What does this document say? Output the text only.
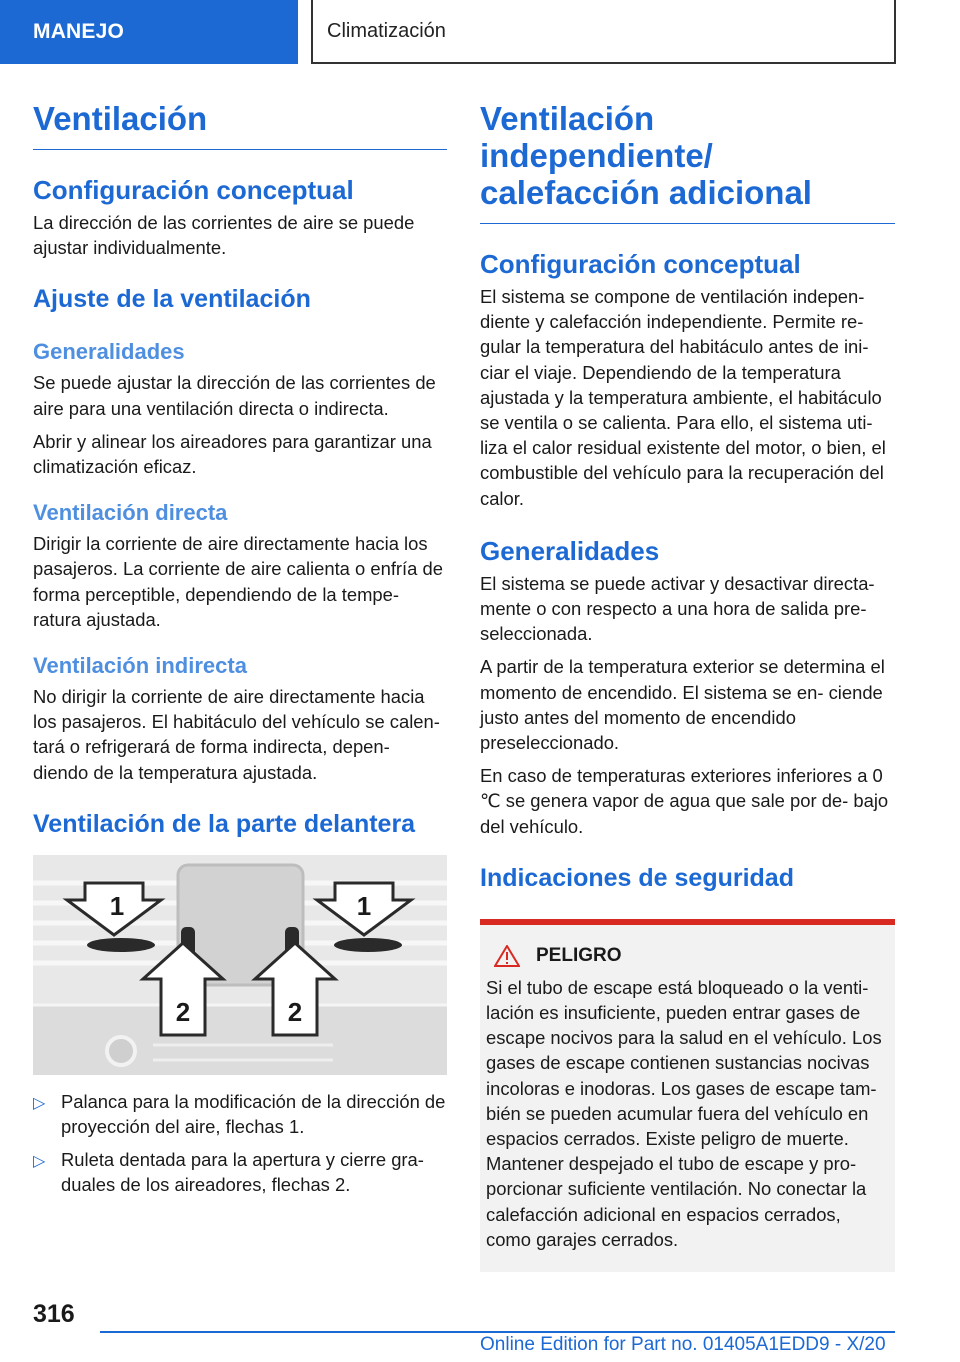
MANEJO	Climatización
Ventilación
Configuración conceptual

La dirección de las corrientes de aire se puede ajustar individualmente.

Ajuste de la ventilación
Generalidades

Se puede ajustar la dirección de las corrientes de aire para una ventilación directa o indirecta.

Abrir y alinear los aireadores para garantizar una climatización eficaz.

Ventilación directa

Dirigir la corriente de aire directamente hacia los pasajeros. La corriente de aire calienta o enfría de forma perceptible, dependiendo de la tempe‐ ratura ajustada.

Ventilación indirecta

No dirigir la corriente de aire directamente hacia los pasajeros. El habitáculo del vehículo se calen‐ tará o refrigerará de forma indirecta, depen‐ diendo de la temperatura ajustada.

Ventilación de la parte delantera
1	1
2	2
▷ Palanca para la modificación de la dirección de proyección del aire, flechas 1.
▷ Ruleta dentada para la apertura y cierre gra‐ duales de los aireadores, flechas 2.
Ventilación independiente/ calefacción adicional
Configuración conceptual

El sistema se compone de ventilación indepen‐ diente y calefacción independiente. Permite re‐ gular la temperatura del habitáculo antes de ini‐ ciar el viaje. Dependiendo de la temperatura ajustada y la temperatura ambiente, el habitáculo se ventila o se calienta. Para ello, el sistema uti‐ liza el calor residual existente del motor, o bien, el combustible del vehículo para la recuperación del calor.

Generalidades

El sistema se puede activar y desactivar directa‐ mente o con respecto a una hora de salida pre‐ seleccionada.

A partir de la temperatura exterior se determina el momento de encendido. El sistema se en‐ ciende justo antes del momento de encendido preseleccionado.

En caso de temperaturas exteriores inferiores a 0 ℃ se genera vapor de agua que sale por de‐ bajo del vehículo.

Indicaciones de seguridad
PELIGRO

Si el tubo de escape está bloqueado o la venti‐ lación es insuficiente, pueden entrar gases de escape nocivos para la salud en el vehículo. Los gases de escape contienen sustancias nocivas incoloras e inodoras. Los gases de escape tam‐ bién se pueden acumular fuera del vehículo en espacios cerrados. Existe peligro de muerte. Mantener despejado el tubo de escape y pro‐ porcionar suficiente ventilación. No conectar la calefacción adicional en espacios cerrados, como garajes cerrados.

316
Online Edition for Part no. 01405A1EDD9 - X/20
